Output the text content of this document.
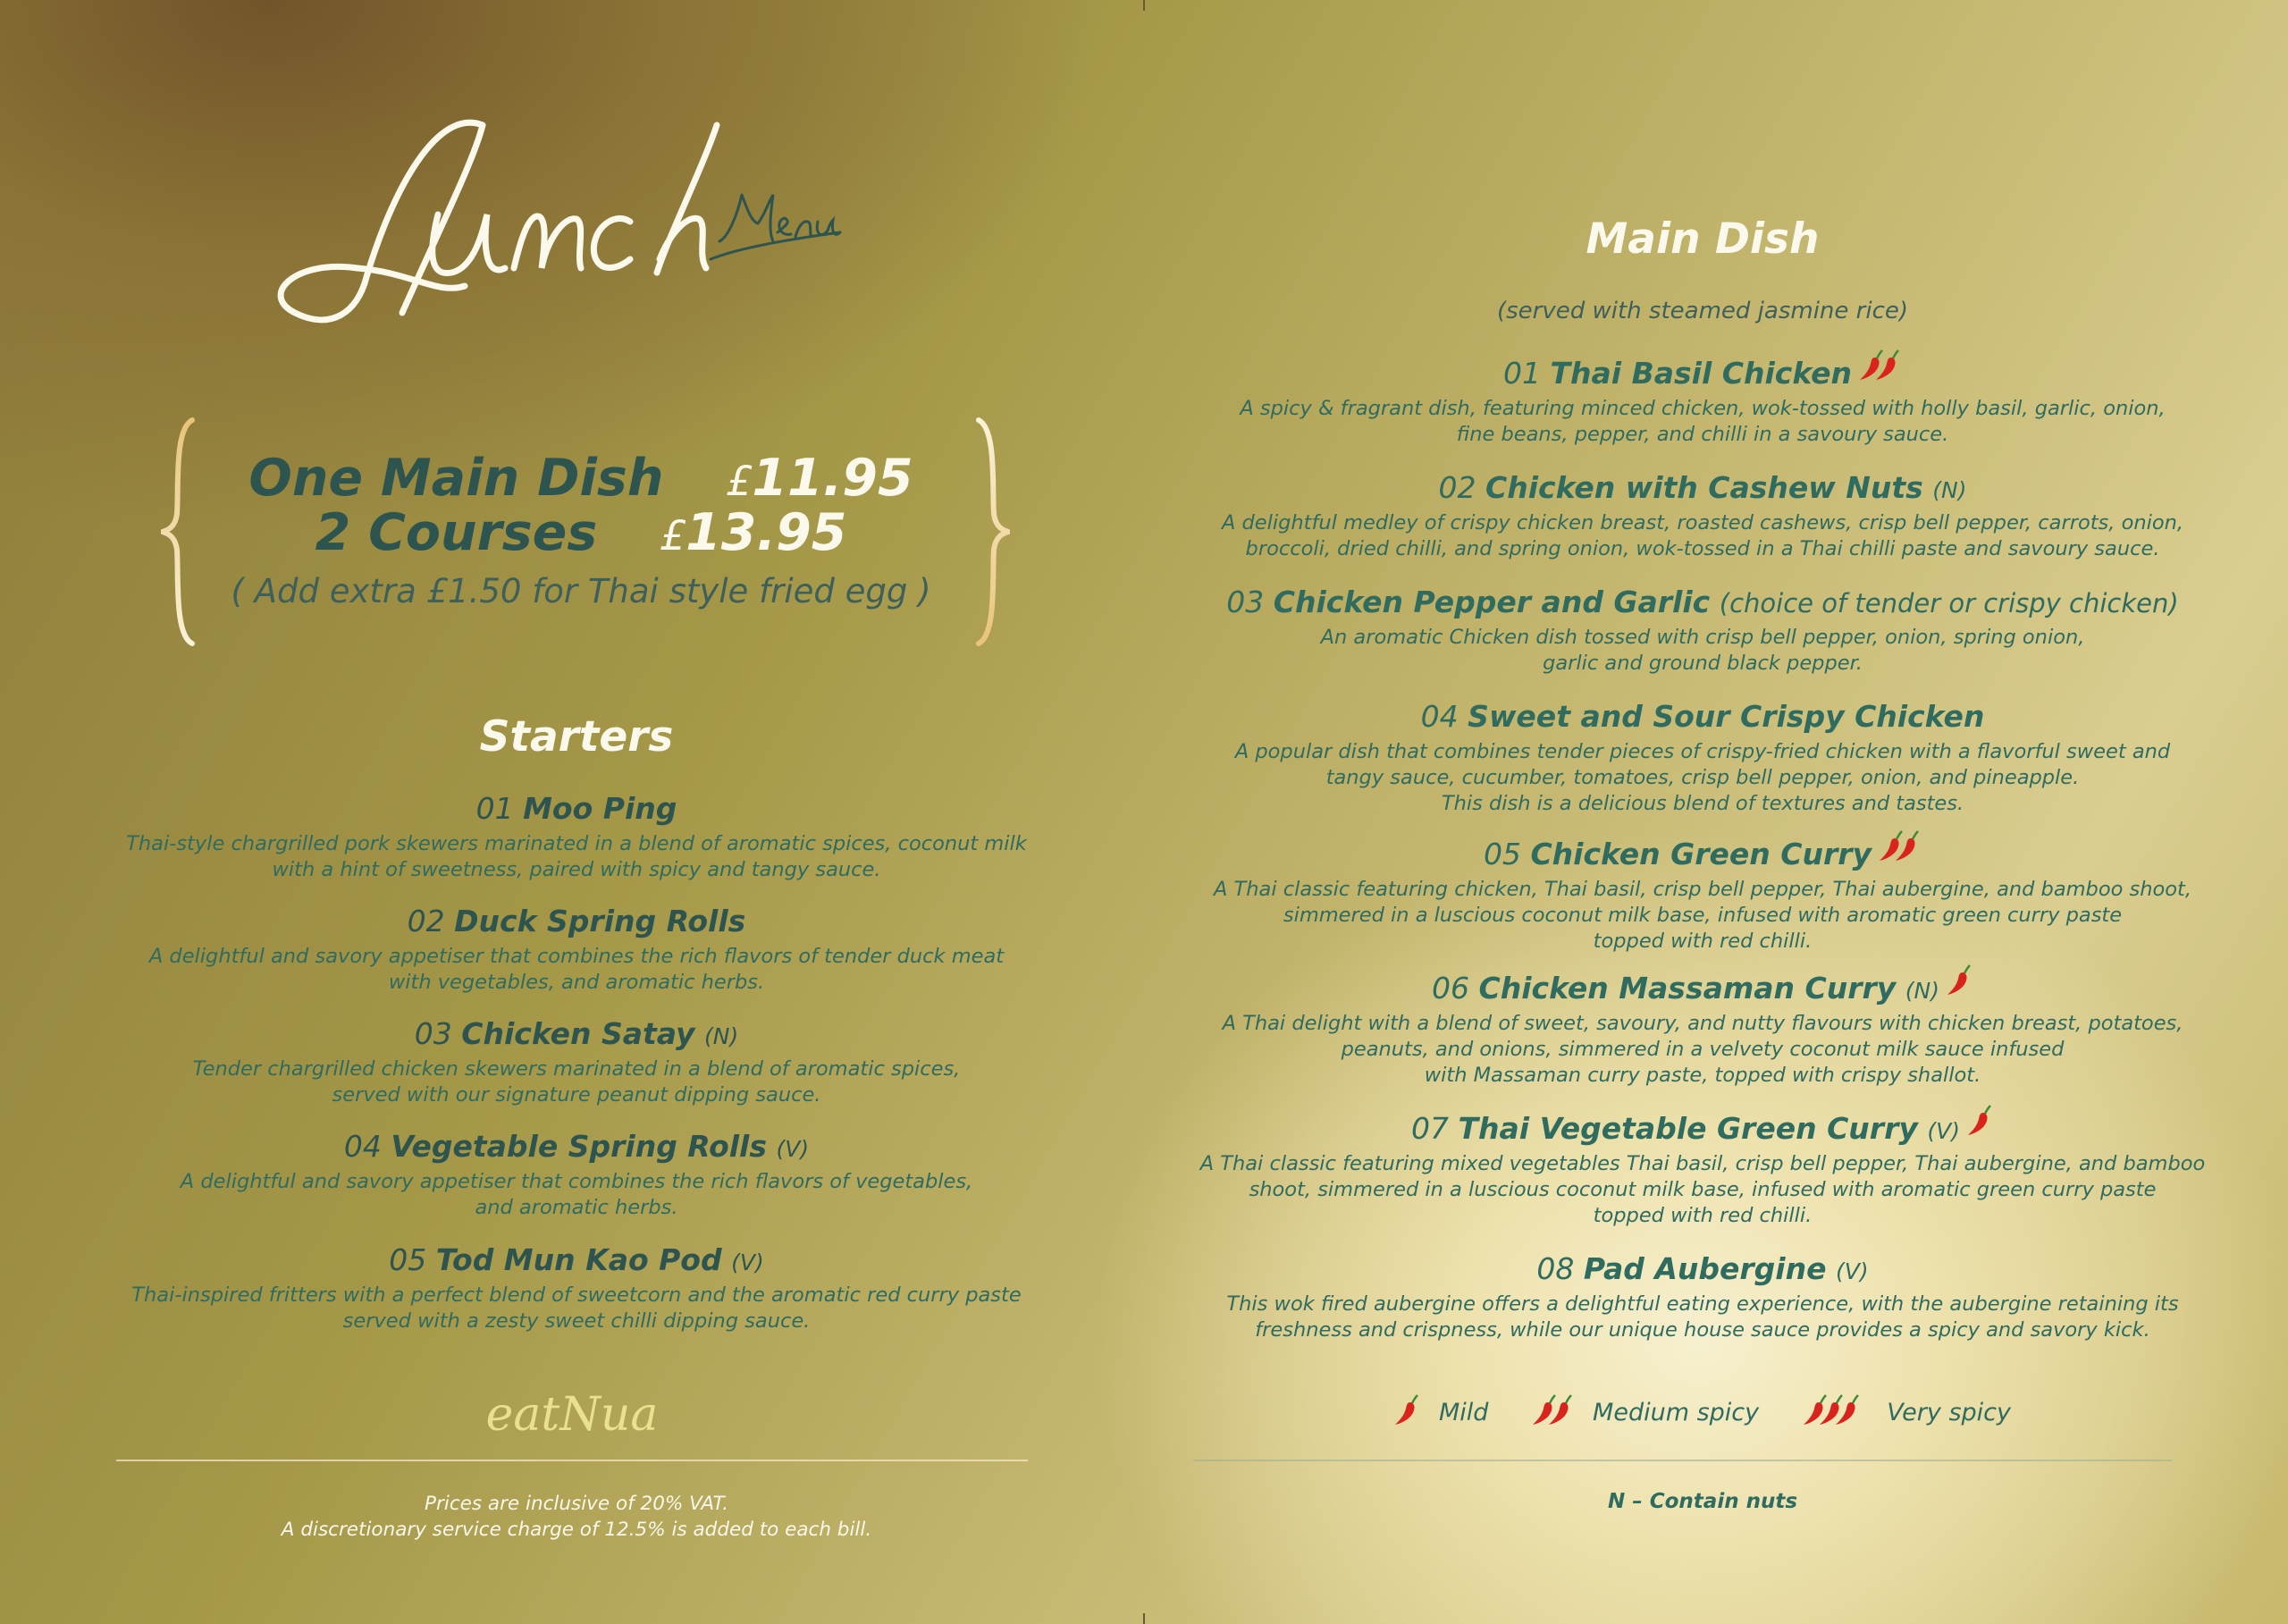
One Main Dish £11.95
2 Courses £13.95
( Add extra £1.50 for Thai style fried egg )
Starters

01 Moo Ping

Thai-style chargrilled pork skewers marinated in a blend of aromatic spices, coconut milk
with a hint of sweetness, paired with spicy and tangy sauce.

02 Duck Spring Rolls

A delightful and savory appetiser that combines the rich flavors of tender duck meat
with vegetables, and aromatic herbs.

03 Chicken Satay (N)

Tender chargrilled chicken skewers marinated in a blend of aromatic spices,
served with our signature peanut dipping sauce.

04 Vegetable Spring Rolls (V)

A delightful and savory appetiser that combines the rich flavors of vegetables,
and aromatic herbs.

05 Tod Mun Kao Pod (V)

Thai-inspired fritters with a perfect blend of sweetcorn and the aromatic red curry paste
served with a zesty sweet chilli dipping sauce.

eatNua
Prices are inclusive of 20% VAT.
A discretionary service charge of 12.5% is added to each bill.
Main Dish
(served with steamed jasmine rice)

01 Thai Basil Chicken

A spicy & fragrant dish, featuring minced chicken, wok-tossed with holly basil, garlic, onion,
fine beans, pepper, and chilli in a savoury sauce.

02 Chicken with Cashew Nuts (N)

A delightful medley of crispy chicken breast, roasted cashews, crisp bell pepper, carrots, onion,
broccoli, dried chilli, and spring onion, wok-tossed in a Thai chilli paste and savoury sauce.

03 Chicken Pepper and Garlic (choice of tender or crispy chicken)

An aromatic Chicken dish tossed with crisp bell pepper, onion, spring onion,
garlic and ground black pepper.

04 Sweet and Sour Crispy Chicken

A popular dish that combines tender pieces of crispy-fried chicken with a flavorful sweet and
tangy sauce, cucumber, tomatoes, crisp bell pepper, onion, and pineapple.
This dish is a delicious blend of textures and tastes.

05 Chicken Green Curry

A Thai classic featuring chicken, Thai basil, crisp bell pepper, Thai aubergine, and bamboo shoot,
simmered in a luscious coconut milk base, infused with aromatic green curry paste
topped with red chilli.

06 Chicken Massaman Curry (N)

A Thai delight with a blend of sweet, savoury, and nutty flavours with chicken breast, potatoes,
peanuts, and onions, simmered in a velvety coconut milk sauce infused
with Massaman curry paste, topped with crispy shallot.

07 Thai Vegetable Green Curry (V)

A Thai classic featuring mixed vegetables Thai basil, crisp bell pepper, Thai aubergine, and bamboo
shoot, simmered in a luscious coconut milk base, infused with aromatic green curry paste
topped with red chilli.

08 Pad Aubergine (V)

This wok fired aubergine offers a delightful eating experience, with the aubergine retaining its
freshness and crispness, while our unique house sauce provides a spicy and savory kick.

Mild	Medium spicy	Very spicy
N – Contain nuts
